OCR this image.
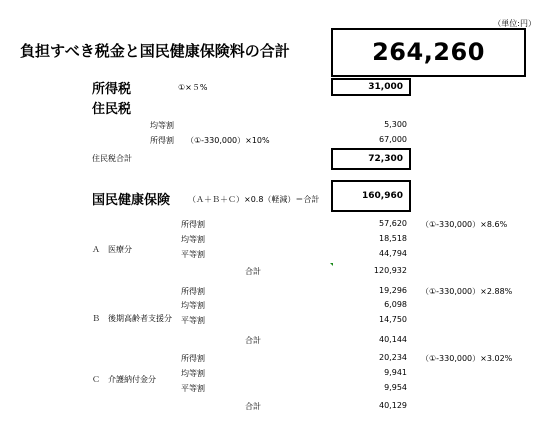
（単位:円）
負担すべき税金と国民健康保険料の合計	264,260
所得税	①×５%	31,000
住民税
均等割	5,300
所得割 （①-330,000）×10%	67,000
住民税合計	72,300
国民健康保険 （Ａ＋Ｂ＋Ｃ）×0.8（軽減）＝合計	160,960
Ａ　医療分
所得割	57,620 （①-330,000）×8.6%
均等割	18,518
平等割	44,794
合計	120,932
Ｂ　後期高齢者支援分
所得割	19,296 （①-330,000）×2.88%
均等割	6,098
平等割	14,750
合計	40,144
Ｃ　介護納付金分
所得割	20,234 （①-330,000）×3.02%
均等割	9,941
平等割	9,954
合計	40,129
